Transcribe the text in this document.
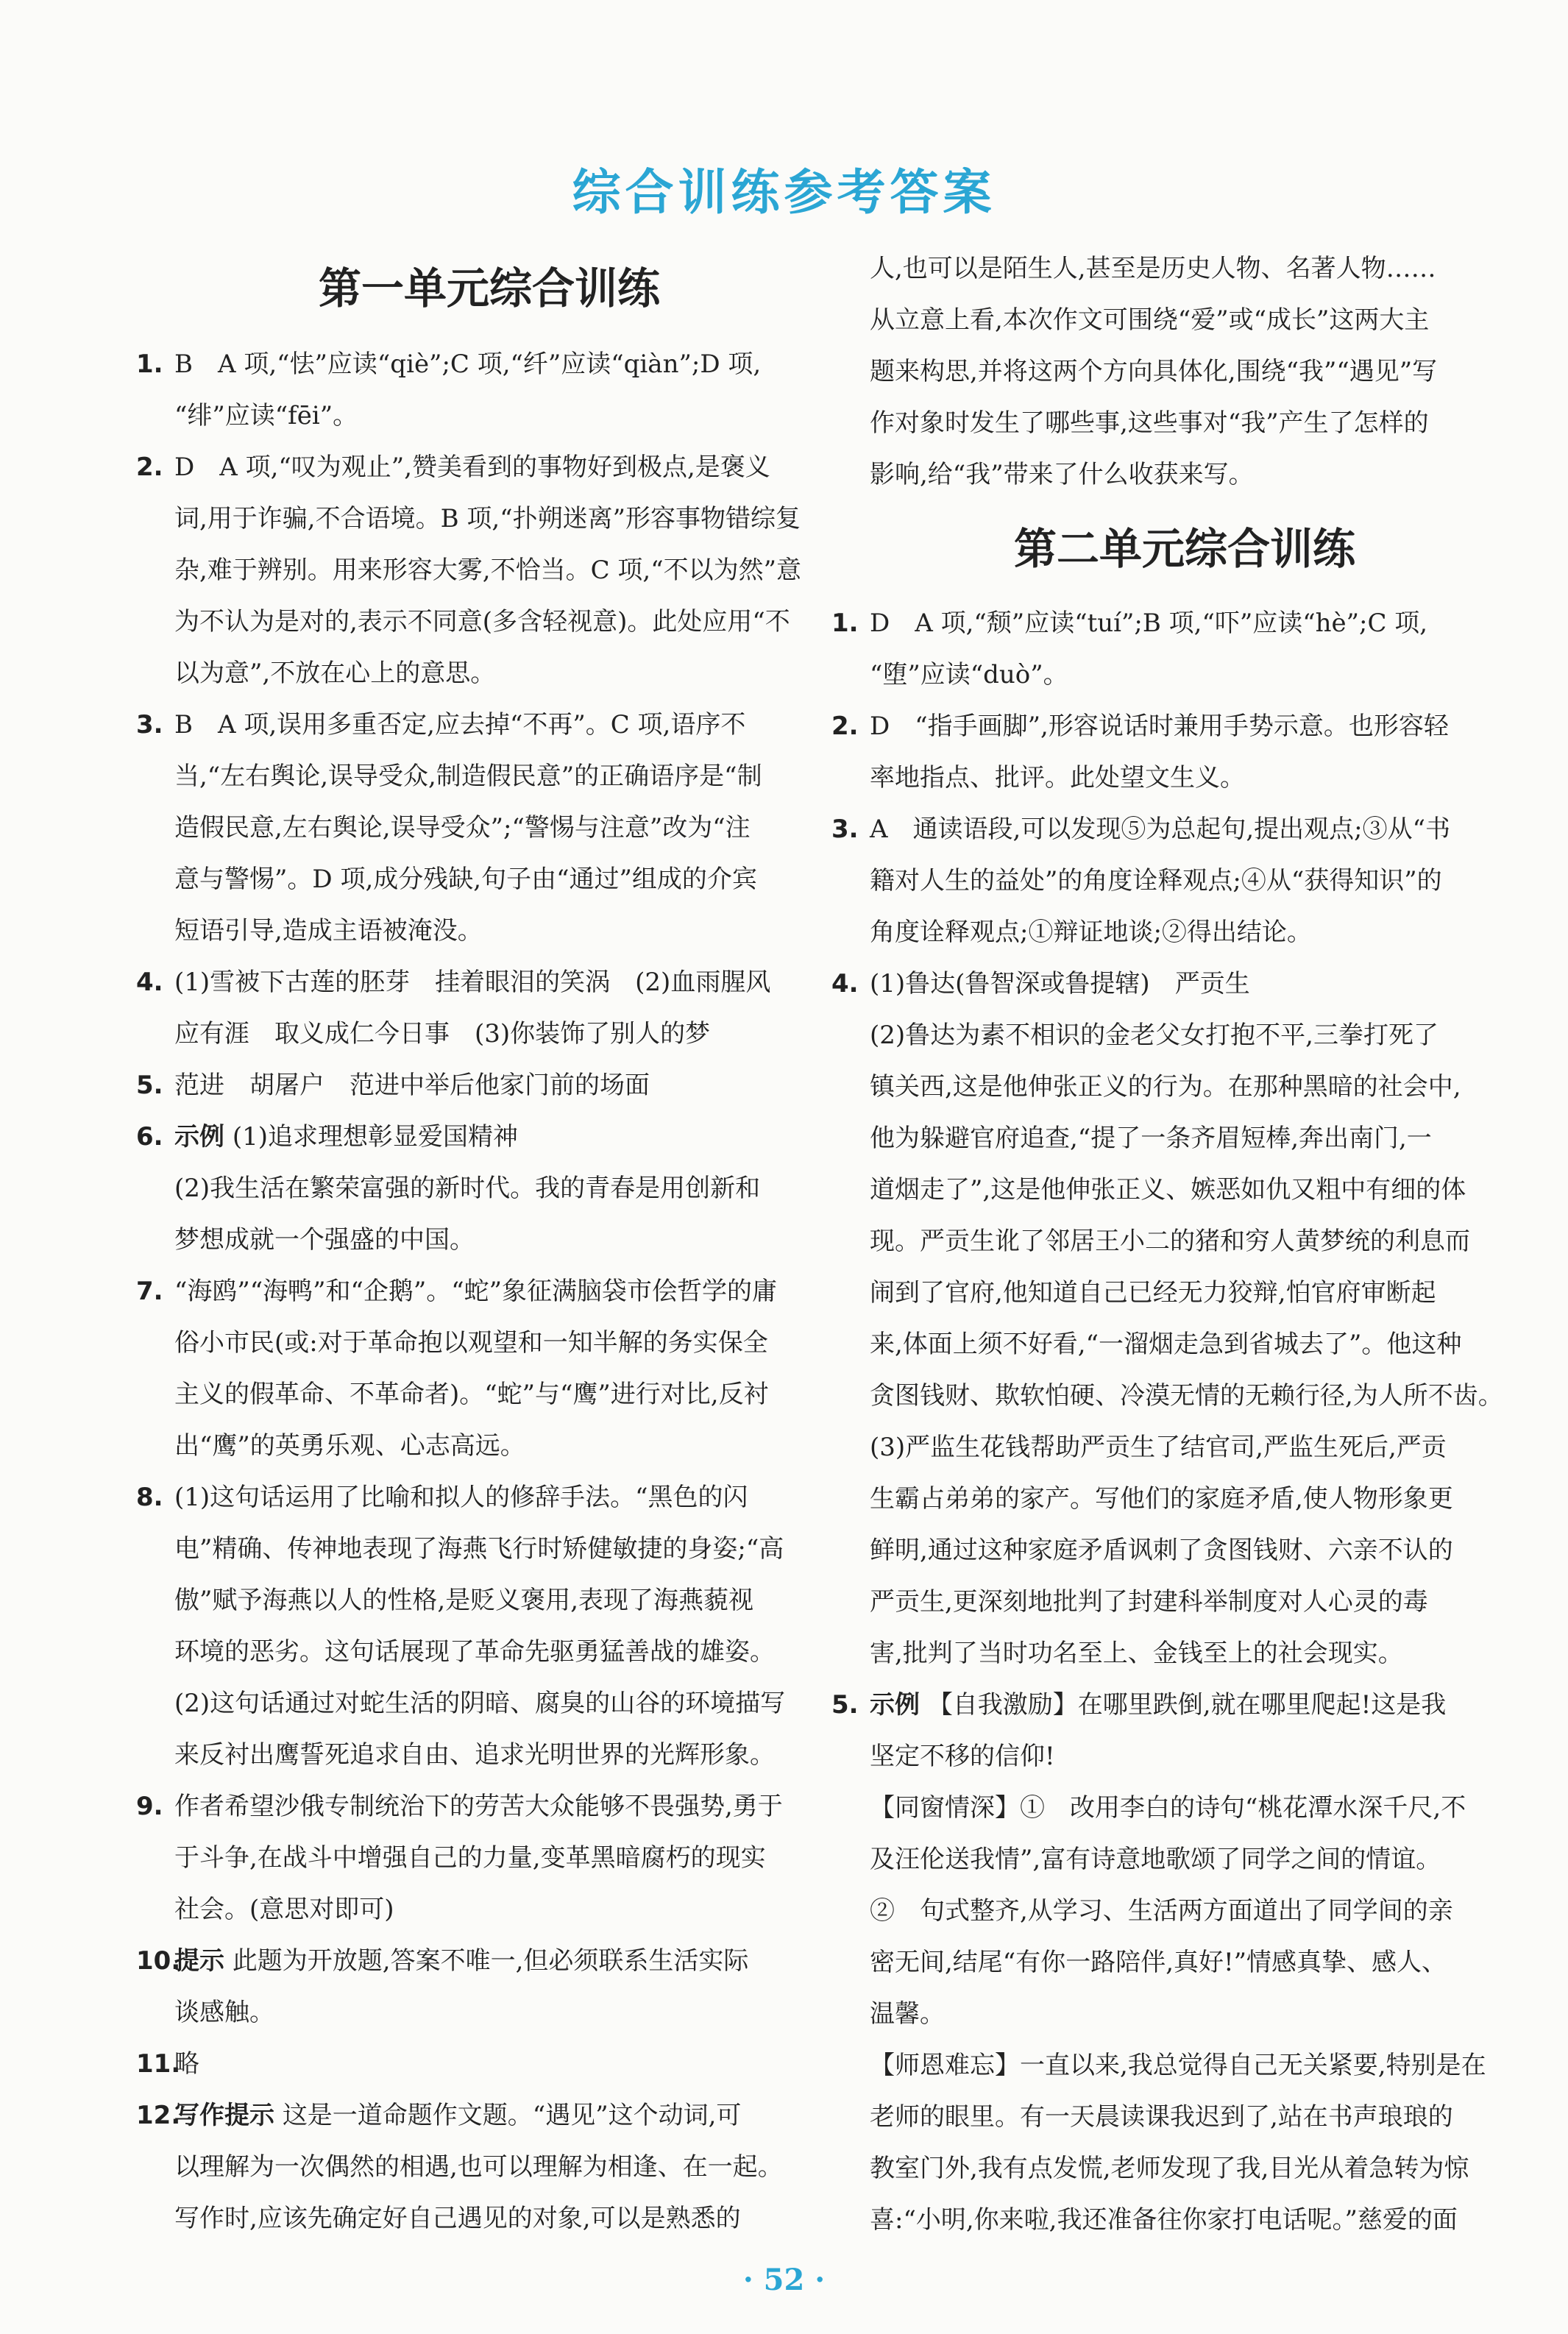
综合训练参考答案
第一单元综合训练
1. B　A 项,“怯”应读“qiè”;C 项,“纤”应读“qiàn”;D 项,
“绯”应读“fēi”。
2. D　A 项,“叹为观止”,赞美看到的事物好到极点,是褒义
词,用于诈骗,不合语境。B 项,“扑朔迷离”形容事物错综复
杂,难于辨别。用来形容大雾,不恰当。C 项,“不以为然”意
为不认为是对的,表示不同意(多含轻视意)。此处应用“不
以为意”,不放在心上的意思。
3. B　A 项,误用多重否定,应去掉“不再”。C 项,语序不
当,“左右舆论,误导受众,制造假民意”的正确语序是“制
造假民意,左右舆论,误导受众”;“警惕与注意”改为“注
意与警惕”。D 项,成分残缺,句子由“通过”组成的介宾
短语引导,造成主语被淹没。
4. (1)雪被下古莲的胚芽　挂着眼泪的笑涡　(2)血雨腥风
应有涯　取义成仁今日事　(3)你装饰了别人的梦
5. 范进　胡屠户　范进中举后他家门前的场面
6. 示例 (1)追求理想彰显爱国精神
(2)我生活在繁荣富强的新时代。我的青春是用创新和
梦想成就一个强盛的中国。
7. “海鸥”“海鸭”和“企鹅”。“蛇”象征满脑袋市侩哲学的庸
俗小市民(或:对于革命抱以观望和一知半解的务实保全
主义的假革命、不革命者)。“蛇”与“鹰”进行对比,反衬
出“鹰”的英勇乐观、心志高远。
8. (1)这句话运用了比喻和拟人的修辞手法。“黑色的闪
电”精确、传神地表现了海燕飞行时矫健敏捷的身姿;“高
傲”赋予海燕以人的性格,是贬义褒用,表现了海燕藐视
环境的恶劣。这句话展现了革命先驱勇猛善战的雄姿。
(2)这句话通过对蛇生活的阴暗、腐臭的山谷的环境描写
来反衬出鹰誓死追求自由、追求光明世界的光辉形象。
9. 作者希望沙俄专制统治下的劳苦大众能够不畏强势,勇于
于斗争,在战斗中增强自己的力量,变革黑暗腐朽的现实
社会。(意思对即可)
10.
提示 此题为开放题,答案不唯一,但必须联系生活实际
谈感触。
11.
略
12.
写作提示 这是一道命题作文题。“遇见”这个动词,可
以理解为一次偶然的相遇,也可以理解为相逢、在一起。
写作时,应该先确定好自己遇见的对象,可以是熟悉的
人,也可以是陌生人,甚至是历史人物、名著人物……
从立意上看,本次作文可围绕“爱”或“成长”这两大主
题来构思,并将这两个方向具体化,围绕“我”“遇见”写
作对象时发生了哪些事,这些事对“我”产生了怎样的
影响,给“我”带来了什么收获来写。
第二单元综合训练
1. D　A 项,“颓”应读“tuí”;B 项,“吓”应读“hè”;C 项,
“堕”应读“duò”。
2. D　“指手画脚”,形容说话时兼用手势示意。也形容轻
率地指点、批评。此处望文生义。
3. A　通读语段,可以发现⑤为总起句,提出观点;③从“书
籍对人生的益处”的角度诠释观点;④从“获得知识”的
角度诠释观点;①辩证地谈;②得出结论。
4. (1)鲁达(鲁智深或鲁提辖)　严贡生
(2)鲁达为素不相识的金老父女打抱不平,三拳打死了
镇关西,这是他伸张正义的行为。在那种黑暗的社会中,
他为躲避官府追查,“提了一条齐眉短棒,奔出南门,一
道烟走了”,这是他伸张正义、嫉恶如仇又粗中有细的体
现。严贡生讹了邻居王小二的猪和穷人黄梦统的利息而
闹到了官府,他知道自己已经无力狡辩,怕官府审断起
来,体面上须不好看,“一溜烟走急到省城去了”。他这种
贪图钱财、欺软怕硬、冷漠无情的无赖行径,为人所不齿。
(3)严监生花钱帮助严贡生了结官司,严监生死后,严贡
生霸占弟弟的家产。写他们的家庭矛盾,使人物形象更
鲜明,通过这种家庭矛盾讽刺了贪图钱财、六亲不认的
严贡生,更深刻地批判了封建科举制度对人心灵的毒
害,批判了当时功名至上、金钱至上的社会现实。
5. 示例 【自我激励】在哪里跌倒,就在哪里爬起!这是我
坚定不移的信仰!
【同窗情深】①　改用李白的诗句“桃花潭水深千尺,不
及汪伦送我情”,富有诗意地歌颂了同学之间的情谊。
②　句式整齐,从学习、生活两方面道出了同学间的亲
密无间,结尾“有你一路陪伴,真好!”情感真挚、感人、
温馨。
【师恩难忘】一直以来,我总觉得自己无关紧要,特别是在
老师的眼里。有一天晨读课我迟到了,站在书声琅琅的
教室门外,我有点发慌,老师发现了我,目光从着急转为惊
喜:“小明,你来啦,我还准备往你家打电话呢。”慈爱的面
· 52 ·
